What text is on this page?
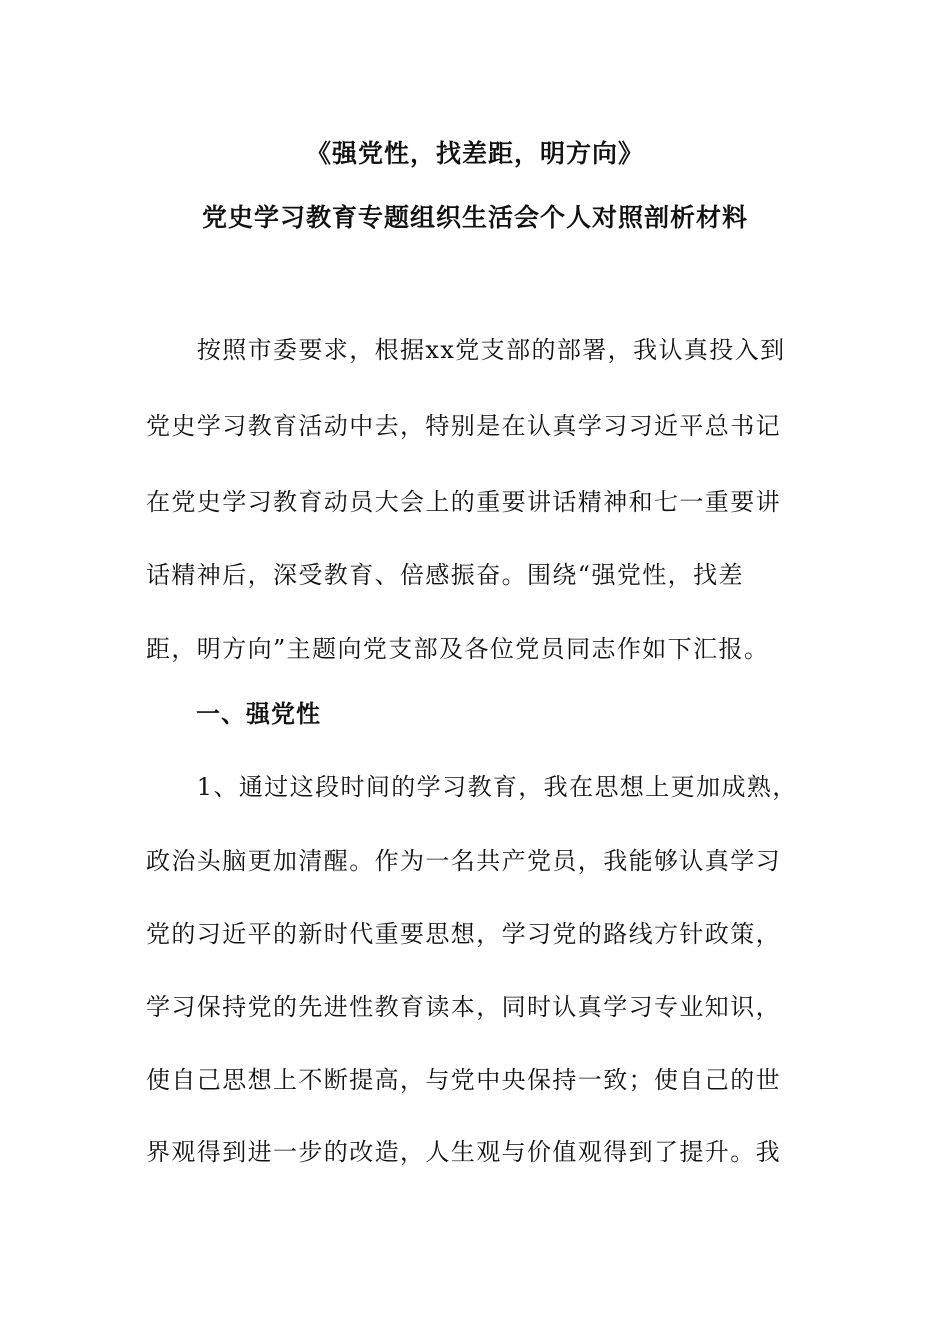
《强党性，找差距，明方向》
党史学习教育专题组织生活会个人对照剖析材料

　　按照市委要求，根据xx党支部的部署，我认真投入到

党史学习教育活动中去，特别是在认真学习习近平总书记

在党史学习教育动员大会上的重要讲话精神和七一重要讲

话精神后，深受教育、倍感振奋。围绕“强党性，找差

距，明方向”主题向党支部及各位党员同志作如下汇报。

一、强党性

　　1、通过这段时间的学习教育，我在思想上更加成熟，

政治头脑更加清醒。作为一名共产党员，我能够认真学习

党的习近平的新时代重要思想，学习党的路线方针政策，

学习保持党的先进性教育读本，同时认真学习专业知识，

使自己思想上不断提高，与党中央保持一致；使自己的世

界观得到进一步的改造，人生观与价值观得到了提升。我
